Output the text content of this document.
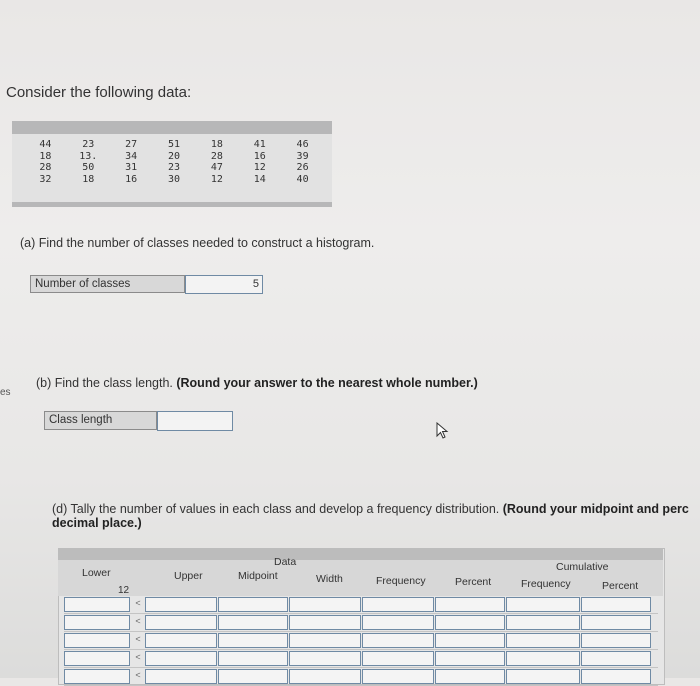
Consider the following data:
44	23	27	51	18	41	46
18	13.	34	20	28	16	39
28	50	31	23	47	12	26
32	18	16	30	12	14	40
(a) Find the number of classes needed to construct a histogram.
Number of classes	5
es
(b) Find the class length. (Round your answer to the nearest whole number.)
Class length
(d) Tally the number of values in each class and develop a frequency distribution. (Round your midpoint and perc
decimal place.)
Data	Cumulative
Lower	Upper	Midpoint	Width	Frequency	Percent	Frequency	Percent
12
<
<
<
<
<
